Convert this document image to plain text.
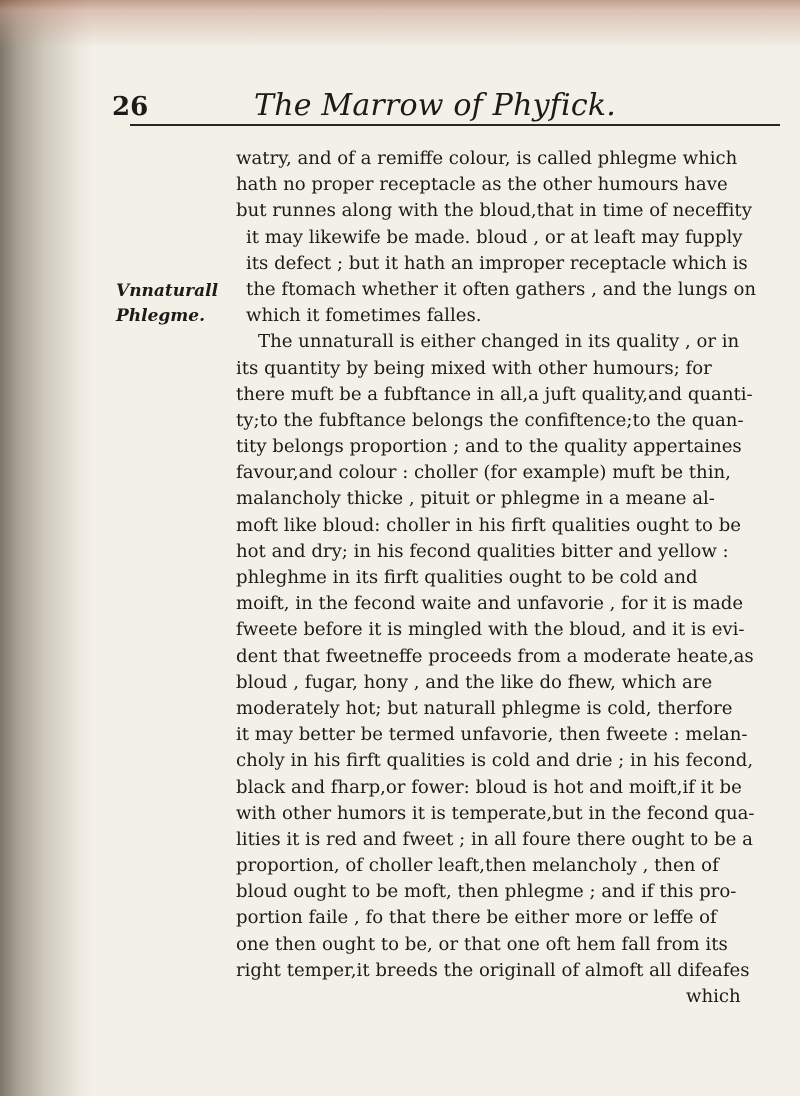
26	The Marrow of Phyfick.
Vnnaturall
Phlegme.
watry, and of a remiffe colour, is called phlegme which
hath no proper receptacle as the other humours have
but runnes along with the bloud,that in time of neceffity
it may likewife be made. bloud , or at leaft may fupply
its defect ; but it hath an improper receptacle which is
the ftomach whether it often gathers , and the lungs on
which it fometimes falles.
The unnaturall is either changed in its quality , or in
its quantity by being mixed with other humours; for
there muft be a fubftance in all,a juft quality,and quanti-
ty;to the fubftance belongs the confiftence;to the quan-
tity belongs proportion ; and to the quality appertaines
favour,and colour : choller (for example) muft be thin,
malancholy thicke , pituit or phlegme in a meane al-
moft like bloud: choller in his firft qualities ought to be
hot and dry; in his fecond qualities bitter and yellow :
phleghme in its firft qualities ought to be cold and
moift, in the fecond waite and unfavorie , for it is made
fweete before it is mingled with the bloud, and it is evi-
dent that fweetneffe proceeds from a moderate heate,as
bloud , fugar, hony , and the like do fhew, which are
moderately hot; but naturall phlegme is cold, therfore
it may better be termed unfavorie, then fweete : melan-
choly in his firft qualities is cold and drie ; in his fecond,
black and fharp,or fower: bloud is hot and moift,if it be
with other humors it is temperate,but in the fecond qua-
lities it is red and fweet ; in all foure there ought to be a
proportion, of choller leaft,then melancholy , then of
bloud ought to be moft, then phlegme ; and if this pro-
portion faile , fo that there be either more or leffe of
one then ought to be, or that one oft hem fall from its
right temper,it breeds the originall of almoft all difeafes
which
